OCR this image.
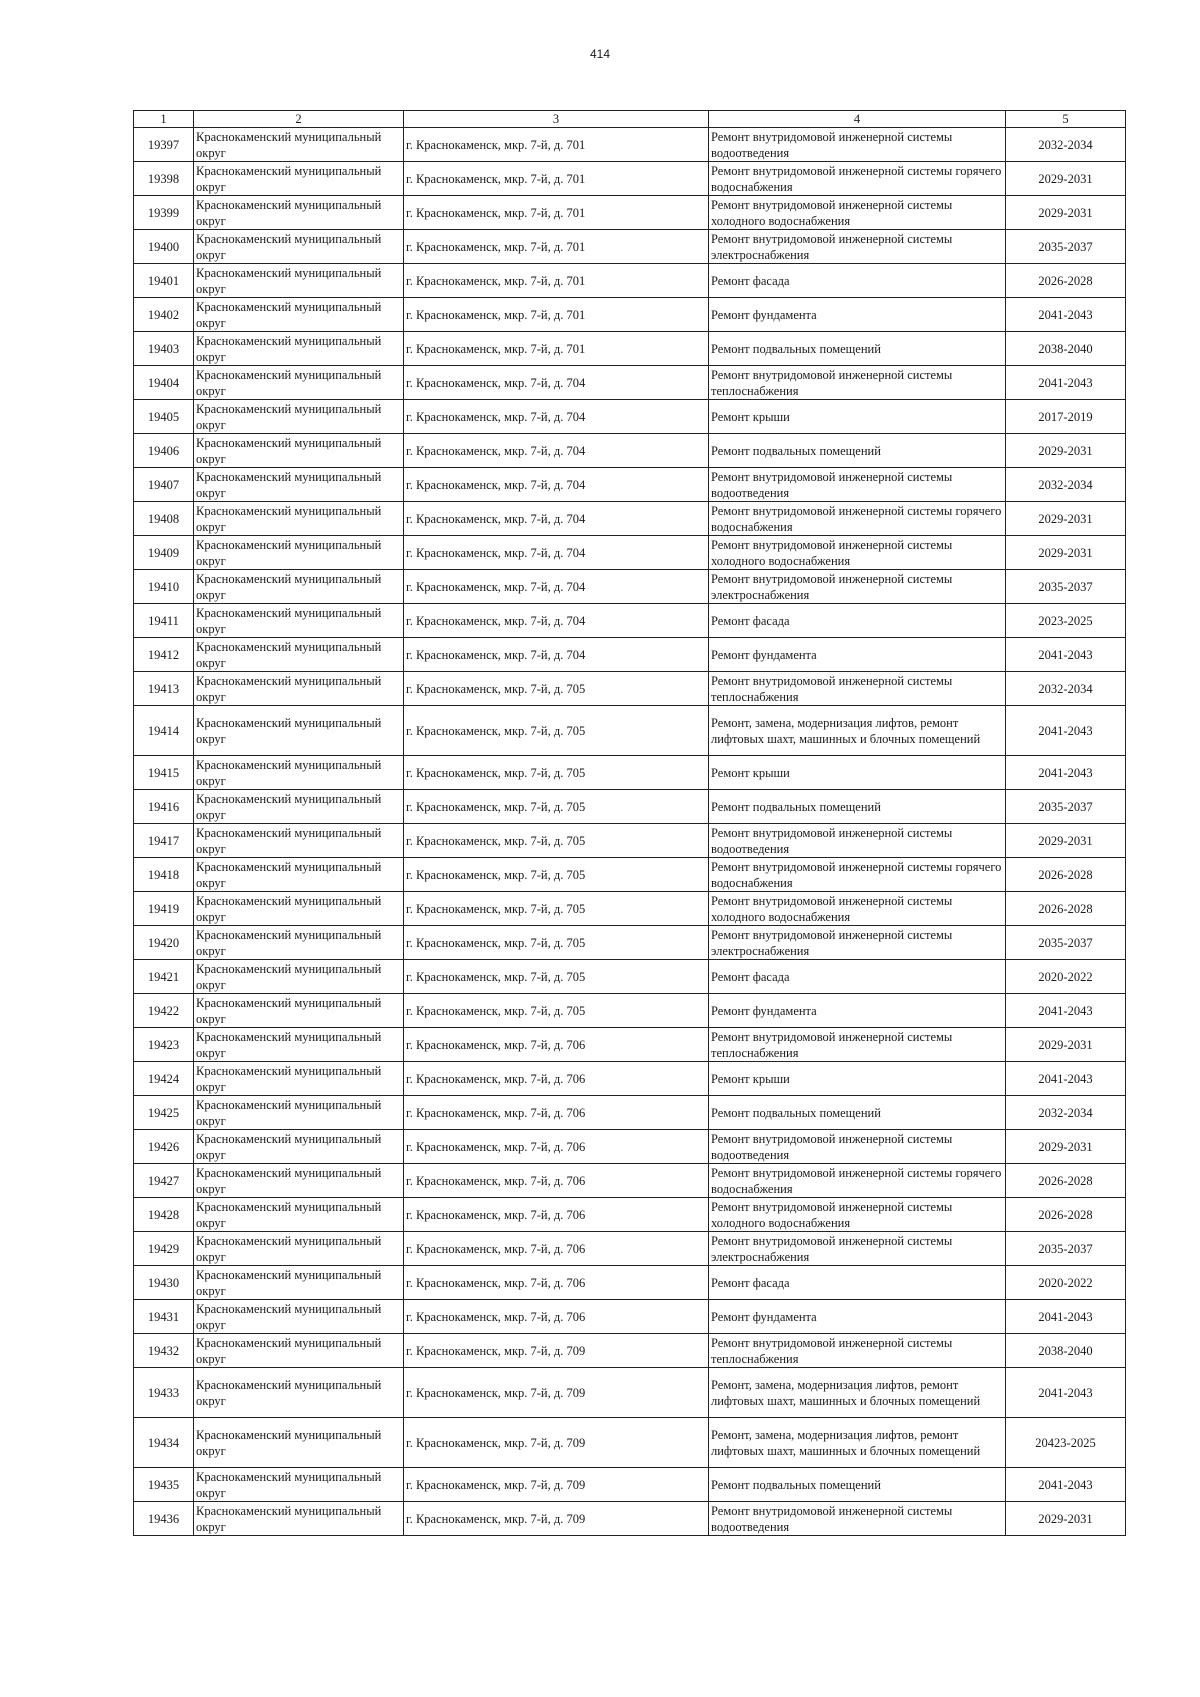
414
1	2	3	4	5
19397	Краснокаменский муниципальный округ	г. Краснокаменск, мкр. 7-й, д. 701	Ремонт внутридомовой инженерной системы водоотведения	2032-2034
19398	Краснокаменский муниципальный округ	г. Краснокаменск, мкр. 7-й, д. 701	Ремонт внутридомовой инженерной системы горячего водоснабжения	2029-2031
19399	Краснокаменский муниципальный округ	г. Краснокаменск, мкр. 7-й, д. 701	Ремонт внутридомовой инженерной системы холодного водоснабжения	2029-2031
19400	Краснокаменский муниципальный округ	г. Краснокаменск, мкр. 7-й, д. 701	Ремонт внутридомовой инженерной системы электроснабжения	2035-2037
19401	Краснокаменский муниципальный округ	г. Краснокаменск, мкр. 7-й, д. 701	Ремонт фасада	2026-2028
19402	Краснокаменский муниципальный округ	г. Краснокаменск, мкр. 7-й, д. 701	Ремонт фундамента	2041-2043
19403	Краснокаменский муниципальный округ	г. Краснокаменск, мкр. 7-й, д. 701	Ремонт подвальных помещений	2038-2040
19404	Краснокаменский муниципальный округ	г. Краснокаменск, мкр. 7-й, д. 704	Ремонт внутридомовой инженерной системы теплоснабжения	2041-2043
19405	Краснокаменский муниципальный округ	г. Краснокаменск, мкр. 7-й, д. 704	Ремонт крыши	2017-2019
19406	Краснокаменский муниципальный округ	г. Краснокаменск, мкр. 7-й, д. 704	Ремонт подвальных помещений	2029-2031
19407	Краснокаменский муниципальный округ	г. Краснокаменск, мкр. 7-й, д. 704	Ремонт внутридомовой инженерной системы водоотведения	2032-2034
19408	Краснокаменский муниципальный округ	г. Краснокаменск, мкр. 7-й, д. 704	Ремонт внутридомовой инженерной системы горячего водоснабжения	2029-2031
19409	Краснокаменский муниципальный округ	г. Краснокаменск, мкр. 7-й, д. 704	Ремонт внутридомовой инженерной системы холодного водоснабжения	2029-2031
19410	Краснокаменский муниципальный округ	г. Краснокаменск, мкр. 7-й, д. 704	Ремонт внутридомовой инженерной системы электроснабжения	2035-2037
19411	Краснокаменский муниципальный округ	г. Краснокаменск, мкр. 7-й, д. 704	Ремонт фасада	2023-2025
19412	Краснокаменский муниципальный округ	г. Краснокаменск, мкр. 7-й, д. 704	Ремонт фундамента	2041-2043
19413	Краснокаменский муниципальный округ	г. Краснокаменск, мкр. 7-й, д. 705	Ремонт внутридомовой инженерной системы теплоснабжения	2032-2034
19414	Краснокаменский муниципальный округ	г. Краснокаменск, мкр. 7-й, д. 705	Ремонт, замена, модернизация лифтов, ремонт лифтовых шахт, машинных и блочных помещений	2041-2043
19415	Краснокаменский муниципальный округ	г. Краснокаменск, мкр. 7-й, д. 705	Ремонт крыши	2041-2043
19416	Краснокаменский муниципальный округ	г. Краснокаменск, мкр. 7-й, д. 705	Ремонт подвальных помещений	2035-2037
19417	Краснокаменский муниципальный округ	г. Краснокаменск, мкр. 7-й, д. 705	Ремонт внутридомовой инженерной системы водоотведения	2029-2031
19418	Краснокаменский муниципальный округ	г. Краснокаменск, мкр. 7-й, д. 705	Ремонт внутридомовой инженерной системы горячего водоснабжения	2026-2028
19419	Краснокаменский муниципальный округ	г. Краснокаменск, мкр. 7-й, д. 705	Ремонт внутридомовой инженерной системы холодного водоснабжения	2026-2028
19420	Краснокаменский муниципальный округ	г. Краснокаменск, мкр. 7-й, д. 705	Ремонт внутридомовой инженерной системы электроснабжения	2035-2037
19421	Краснокаменский муниципальный округ	г. Краснокаменск, мкр. 7-й, д. 705	Ремонт фасада	2020-2022
19422	Краснокаменский муниципальный округ	г. Краснокаменск, мкр. 7-й, д. 705	Ремонт фундамента	2041-2043
19423	Краснокаменский муниципальный округ	г. Краснокаменск, мкр. 7-й, д. 706	Ремонт внутридомовой инженерной системы теплоснабжения	2029-2031
19424	Краснокаменский муниципальный округ	г. Краснокаменск, мкр. 7-й, д. 706	Ремонт крыши	2041-2043
19425	Краснокаменский муниципальный округ	г. Краснокаменск, мкр. 7-й, д. 706	Ремонт подвальных помещений	2032-2034
19426	Краснокаменский муниципальный округ	г. Краснокаменск, мкр. 7-й, д. 706	Ремонт внутридомовой инженерной системы водоотведения	2029-2031
19427	Краснокаменский муниципальный округ	г. Краснокаменск, мкр. 7-й, д. 706	Ремонт внутридомовой инженерной системы горячего водоснабжения	2026-2028
19428	Краснокаменский муниципальный округ	г. Краснокаменск, мкр. 7-й, д. 706	Ремонт внутридомовой инженерной системы холодного водоснабжения	2026-2028
19429	Краснокаменский муниципальный округ	г. Краснокаменск, мкр. 7-й, д. 706	Ремонт внутридомовой инженерной системы электроснабжения	2035-2037
19430	Краснокаменский муниципальный округ	г. Краснокаменск, мкр. 7-й, д. 706	Ремонт фасада	2020-2022
19431	Краснокаменский муниципальный округ	г. Краснокаменск, мкр. 7-й, д. 706	Ремонт фундамента	2041-2043
19432	Краснокаменский муниципальный округ	г. Краснокаменск, мкр. 7-й, д. 709	Ремонт внутридомовой инженерной системы теплоснабжения	2038-2040
19433	Краснокаменский муниципальный округ	г. Краснокаменск, мкр. 7-й, д. 709	Ремонт, замена, модернизация лифтов, ремонт лифтовых шахт, машинных и блочных помещений	2041-2043
19434	Краснокаменский муниципальный округ	г. Краснокаменск, мкр. 7-й, д. 709	Ремонт, замена, модернизация лифтов, ремонт лифтовых шахт, машинных и блочных помещений	20423-2025
19435	Краснокаменский муниципальный округ	г. Краснокаменск, мкр. 7-й, д. 709	Ремонт подвальных помещений	2041-2043
19436	Краснокаменский муниципальный округ	г. Краснокаменск, мкр. 7-й, д. 709	Ремонт внутридомовой инженерной системы водоотведения	2029-2031
